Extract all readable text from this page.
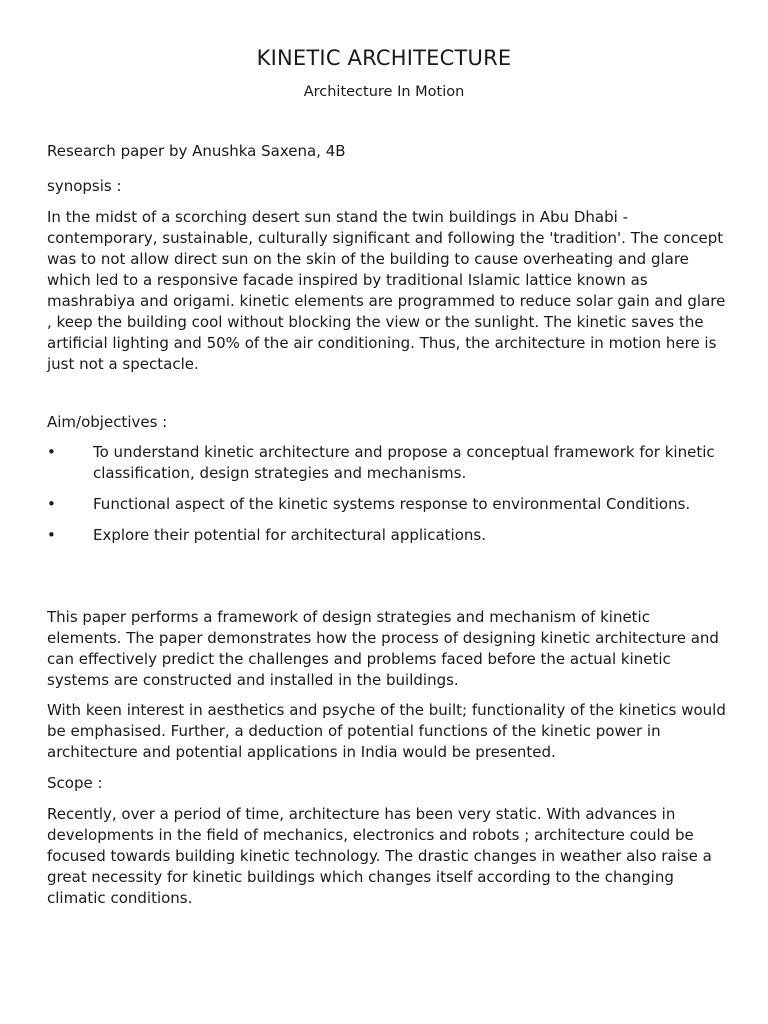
KINETIC ARCHITECTURE

Architecture In Motion

Research paper by Anushka Saxena, 4B

synopsis :

In the midst of a scorching desert sun stand the twin buildings in Abu Dhabi - contemporary, sustainable, culturally significant and following the 'tradition'. The concept was to not allow direct sun on the skin of the building to cause overheating and glare which led to a responsive facade inspired by traditional Islamic lattice known as mashrabiya and origami. kinetic elements are programmed to reduce solar gain and glare , keep the building cool without blocking the view or the sunlight. The kinetic saves the artificial lighting and 50% of the air conditioning. Thus, the architecture in motion here is just not a spectacle.

Aim/objectives :

•	To understand kinetic architecture and propose a conceptual framework for kinetic classification, design strategies and mechanisms.
•	Functional aspect of the kinetic systems response to environmental Conditions.
•	Explore their potential for architectural applications.

This paper performs a framework of design strategies and mechanism of kinetic elements. The paper demonstrates how the process of designing kinetic architecture and can effectively predict the challenges and problems faced before the actual kinetic systems are constructed and installed in the buildings.

With keen interest in aesthetics and psyche of the built; functionality of the kinetics would be emphasised. Further, a deduction of potential functions of the kinetic power in architecture and potential applications in India would be presented.

Scope :

Recently, over a period of time, architecture has been very static. With advances in developments in the field of mechanics, electronics and robots ; architecture could be focused towards building kinetic technology. The drastic changes in weather also raise a great necessity for kinetic buildings which changes itself according to the changing climatic conditions.
